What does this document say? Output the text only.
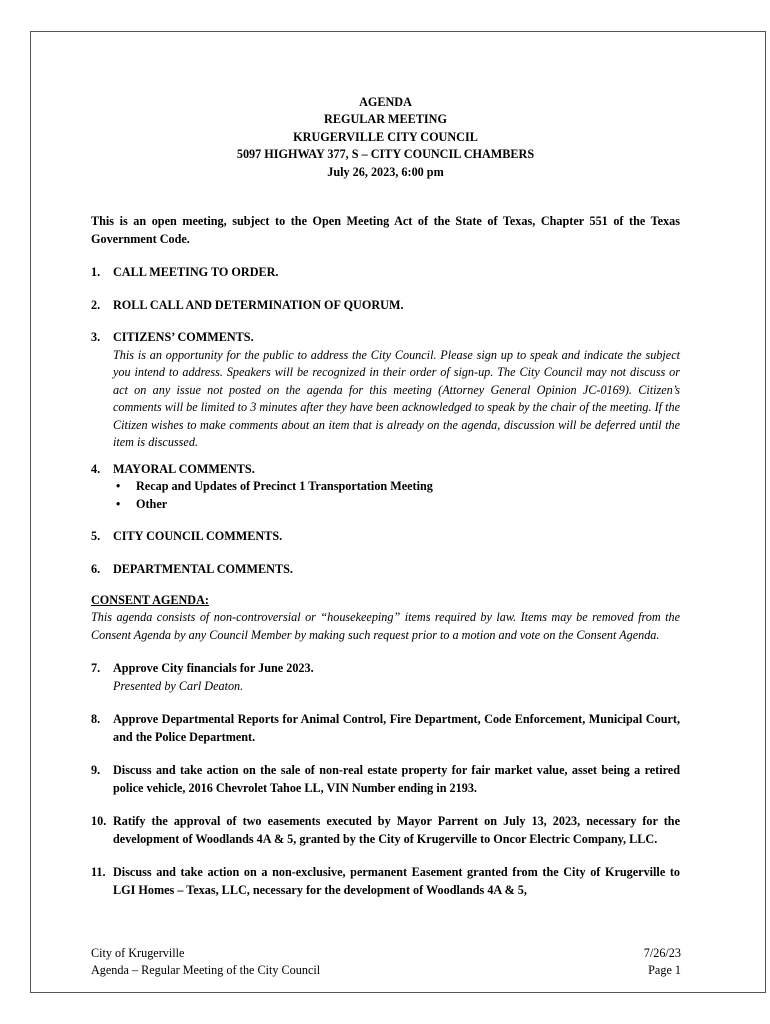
AGENDA
REGULAR MEETING
KRUGERVILLE CITY COUNCIL
5097 HIGHWAY 377, S – CITY COUNCIL CHAMBERS
July 26, 2023, 6:00 pm

This is an open meeting, subject to the Open Meeting Act of the State of Texas, Chapter 551 of the Texas Government Code.

1.	CALL MEETING TO ORDER.
2.	ROLL CALL AND DETERMINATION OF QUORUM.
3.	CITIZENS’ COMMENTS.
This is an opportunity for the public to address the City Council. Please sign up to speak and indicate the subject you intend to address. Speakers will be recognized in their order of sign-up. The City Council may not discuss or act on any issue not posted on the agenda for this meeting (Attorney General Opinion JC-0169). Citizen’s comments will be limited to 3 minutes after they have been acknowledged to speak by the chair of the meeting. If the Citizen wishes to make comments about an item that is already on the agenda, discussion will be deferred until the item is discussed.
4.	MAYORAL COMMENTS.
•	Recap and Updates of Precinct 1 Transportation Meeting
•	Other
5.	CITY COUNCIL COMMENTS.
6.	DEPARTMENTAL COMMENTS.
CONSENT AGENDA:

This agenda consists of non-controversial or “housekeeping” items required by law. Items may be removed from the Consent Agenda by any Council Member by making such request prior to a motion and vote on the Consent Agenda.

7.	Approve City financials for June 2023.
Presented by Carl Deaton.
8.	Approve Departmental Reports for Animal Control, Fire Department, Code Enforcement, Municipal Court, and the Police Department.
9.	Discuss and take action on the sale of non-real estate property for fair market value, asset being a retired police vehicle, 2016 Chevrolet Tahoe LL, VIN Number ending in 2193.
10. Ratify the approval of two easements executed by Mayor Parrent on July 13, 2023, necessary for the development of Woodlands 4A & 5, granted by the City of Krugerville to Oncor Electric Company, LLC.
11. Discuss and take action on a non-exclusive, permanent Easement granted from the City of Krugerville to LGI Homes – Texas, LLC, necessary for the development of Woodlands 4A & 5,
City of Krugerville	7/26/23
Agenda – Regular Meeting of the City Council	Page 1
